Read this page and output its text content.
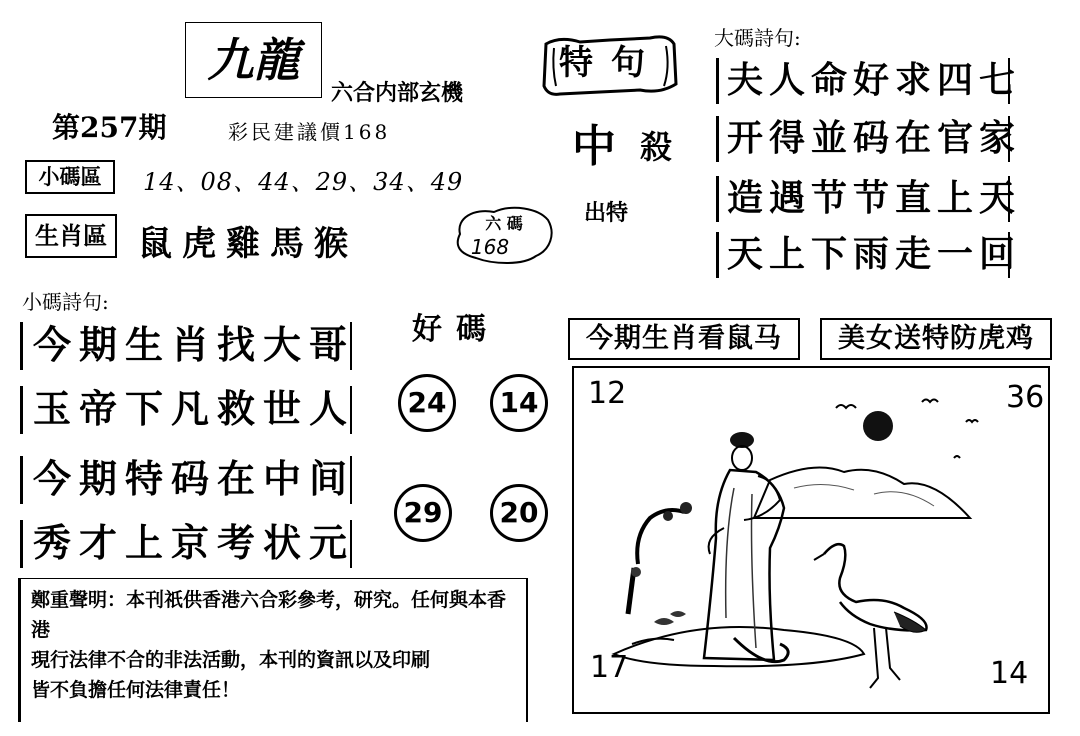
九龍
六合内部玄機
第257期	彩民建議價168
小碼區	14、08、44、29、34、49
生肖區 鼠虎雞馬猴
六 碼
168
特句
中 殺
出特
大碼詩句:
夫人命好求四七
开得並码在官家
造遇节节直上天
天上下雨走一回
小碼詩句:
今期生肖找大哥
玉帝下凡救世人
今期特码在中间
秀才上京考状元
好碼
24	14
29	20
今期生肖看鼠马	美女送特防虎鸡
12	36
17	14
鄭重聲明：本刊祇供香港六合彩參考，研究。任何與本香港
現行法律不合的非法活動，本刊的資訊以及印刷
皆不負擔任何法律責任！
